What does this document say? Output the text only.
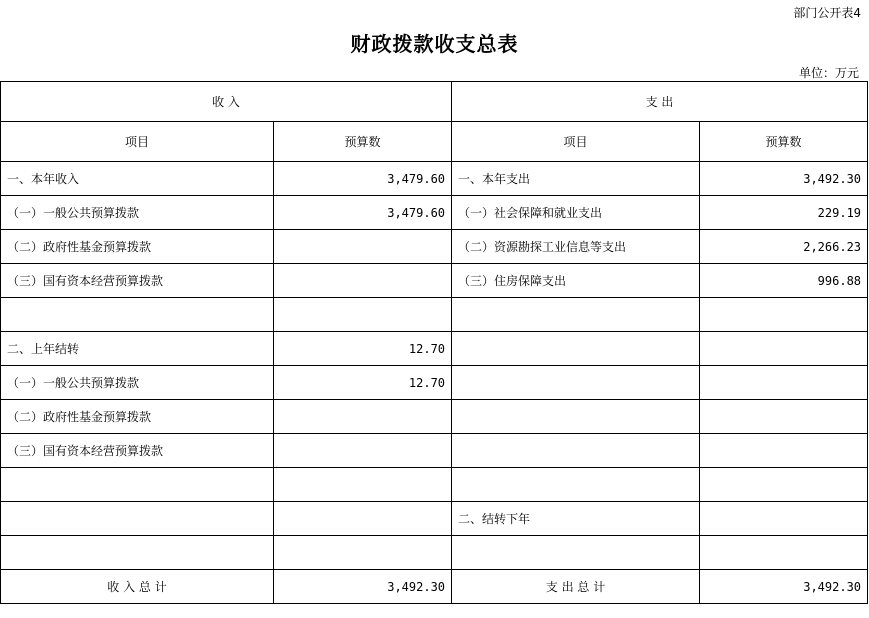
部门公开表4
财政拨款收支总表
单位：万元
收 入		支 出	
项目	预算数	项目	预算数
一、本年收入	3,479.60	一、本年支出	3,492.30
（一）一般公共预算拨款	3,479.60	（一）社会保障和就业支出	229.19
（二）政府性基金预算拨款		（二）资源勘探工业信息等支出	2,266.23
（三）国有资本经营预算拨款		（三）住房保障支出	996.88

二、上年结转	12.70		
（一）一般公共预算拨款	12.70		
（二）政府性基金预算拨款			
（三）国有资本经营预算拨款			

		二、结转下年	

收 入 总 计	3,492.30	支 出 总 计	3,492.30
